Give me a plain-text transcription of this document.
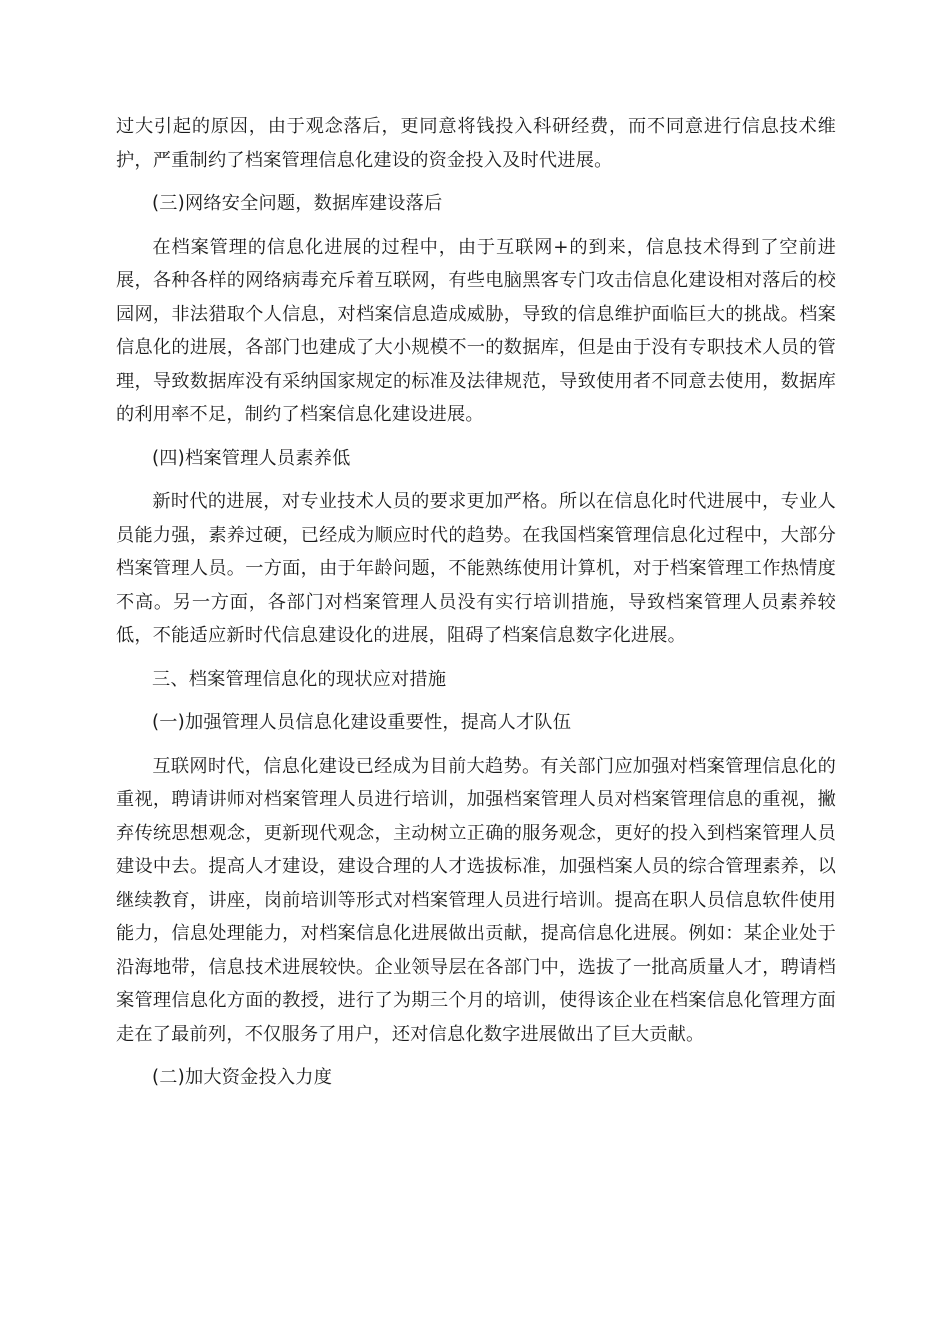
过大引起的原因，由于观念落后，更同意将钱投入科研经费，而不同意进行信息技术维护，严重制约了档案管理信息化建设的资金投入及时代进展。

(三)网络安全问题，数据库建设落后

在档案管理的信息化进展的过程中，由于互联网+的到来，信息技术得到了空前进展，各种各样的网络病毒充斥着互联网，有些电脑黑客专门攻击信息化建设相对落后的校园网，非法猎取个人信息，对档案信息造成威胁，导致的信息维护面临巨大的挑战。档案信息化的进展，各部门也建成了大小规模不一的数据库，但是由于没有专职技术人员的管理，导致数据库没有采纳国家规定的标准及法律规范，导致使用者不同意去使用，数据库的利用率不足，制约了档案信息化建设进展。

(四)档案管理人员素养低

新时代的进展，对专业技术人员的要求更加严格。所以在信息化时代进展中，专业人员能力强，素养过硬，已经成为顺应时代的趋势。在我国档案管理信息化过程中，大部分档案管理人员。一方面，由于年龄问题，不能熟练使用计算机，对于档案管理工作热情度不高。另一方面，各部门对档案管理人员没有实行培训措施，导致档案管理人员素养较低，不能适应新时代信息建设化的进展，阻碍了档案信息数字化进展。

三、档案管理信息化的现状应对措施

(一)加强管理人员信息化建设重要性，提高人才队伍

互联网时代，信息化建设已经成为目前大趋势。有关部门应加强对档案管理信息化的重视，聘请讲师对档案管理人员进行培训，加强档案管理人员对档案管理信息的重视，撇弃传统思想观念，更新现代观念，主动树立正确的服务观念，更好的投入到档案管理人员建设中去。提高人才建设，建设合理的人才选拔标准，加强档案人员的综合管理素养，以继续教育，讲座，岗前培训等形式对档案管理人员进行培训。提高在职人员信息软件使用能力，信息处理能力，对档案信息化进展做出贡献，提高信息化进展。例如：某企业处于沿海地带，信息技术进展较快。企业领导层在各部门中，选拔了一批高质量人才，聘请档案管理信息化方面的教授，进行了为期三个月的培训，使得该企业在档案信息化管理方面走在了最前列，不仅服务了用户，还对信息化数字进展做出了巨大贡献。

(二)加大资金投入力度
